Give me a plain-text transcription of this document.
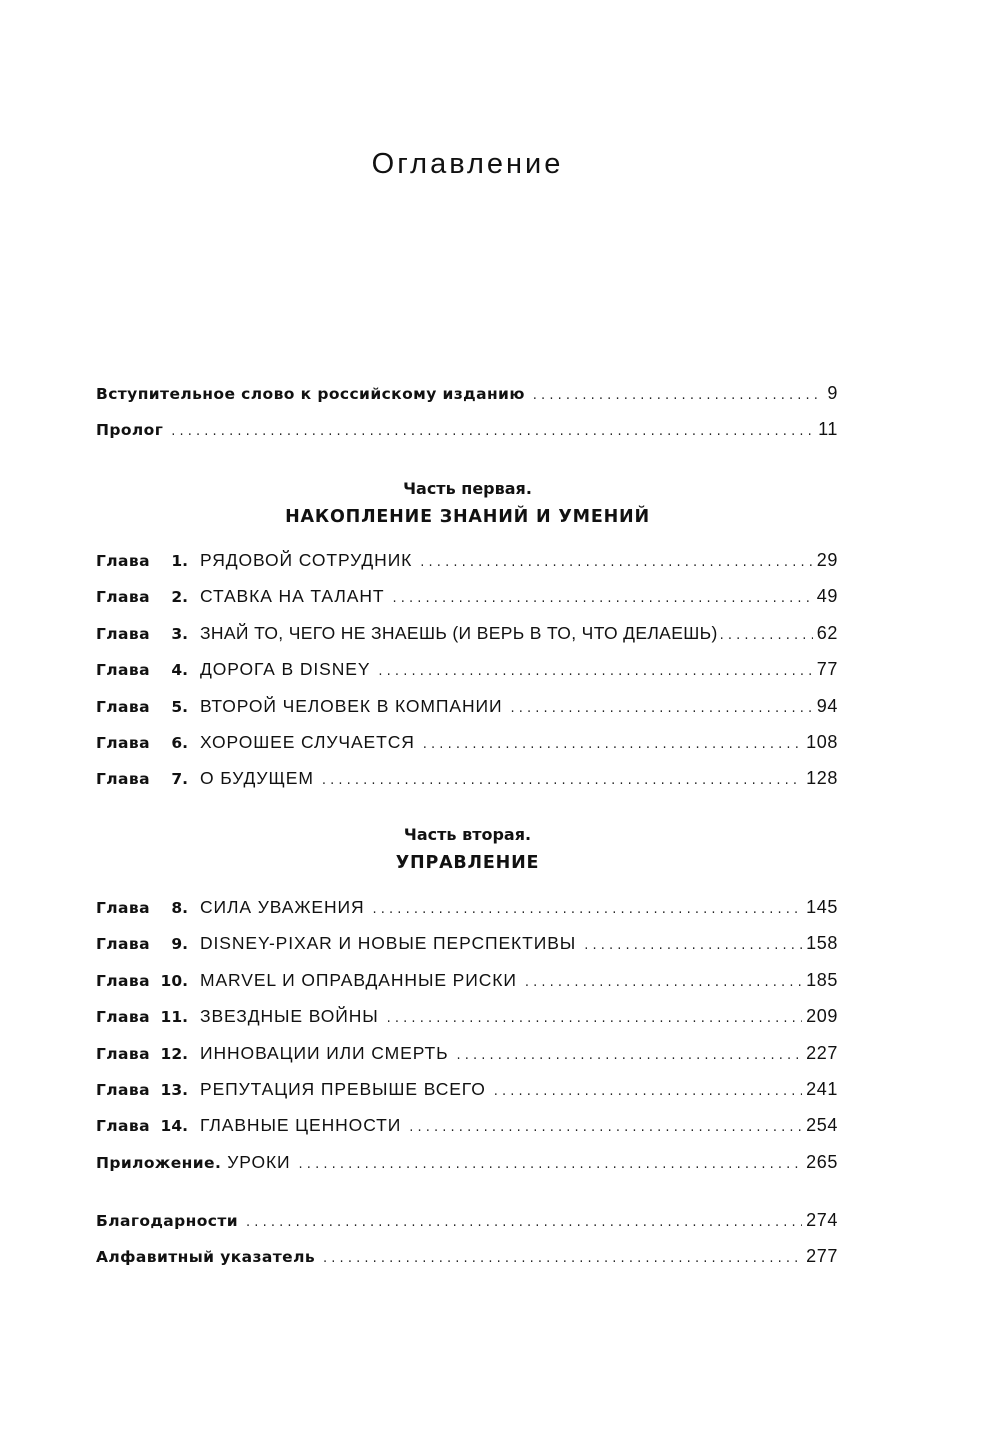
Оглавление
Вступительное слово к российскому изданию . . .	9
Пролог . . .	11
Часть первая.
НАКОПЛЕНИЕ ЗНАНИЙ И УМЕНИЙ
Глава	1. РЯДОВОЙ СОТРУДНИК . . .	29
Глава	2. СТАВКА НА ТАЛАНТ . . .	49
Глава	3. ЗНАЙ ТО, ЧЕГО НЕ ЗНАЕШЬ (И ВЕРЬ В ТО, ЧТО ДЕЛАЕШЬ) . . .	62
Глава	4. ДОРОГА В DISNEY . . .	77
Глава	5. ВТОРОЙ ЧЕЛОВЕК В КОМПАНИИ . . .	94
Глава	6. ХОРОШЕЕ СЛУЧАЕТСЯ . . .	108
Глава	7. О БУДУЩЕМ . . .	128
Часть вторая.
УПРАВЛЕНИЕ
Глава	8. СИЛА УВАЖЕНИЯ . . .	145
Глава	9. DISNEY-PIXAR И НОВЫЕ ПЕРСПЕКТИВЫ . . .	158
Глава 10. MARVEL И ОПРАВДАННЫЕ РИСКИ . . .	185
Глава 11. ЗВЕЗДНЫЕ ВОЙНЫ . . .	209
Глава 12. ИННОВАЦИИ ИЛИ СМЕРТЬ . . .	227
Глава 13. РЕПУТАЦИЯ ПРЕВЫШЕ ВСЕГО . . .	241
Глава 14. ГЛАВНЫЕ ЦЕННОСТИ . . .	254
Приложение. УРОКИ . . .	265
Благодарности . . .	274
Алфавитный указатель . . .	277
